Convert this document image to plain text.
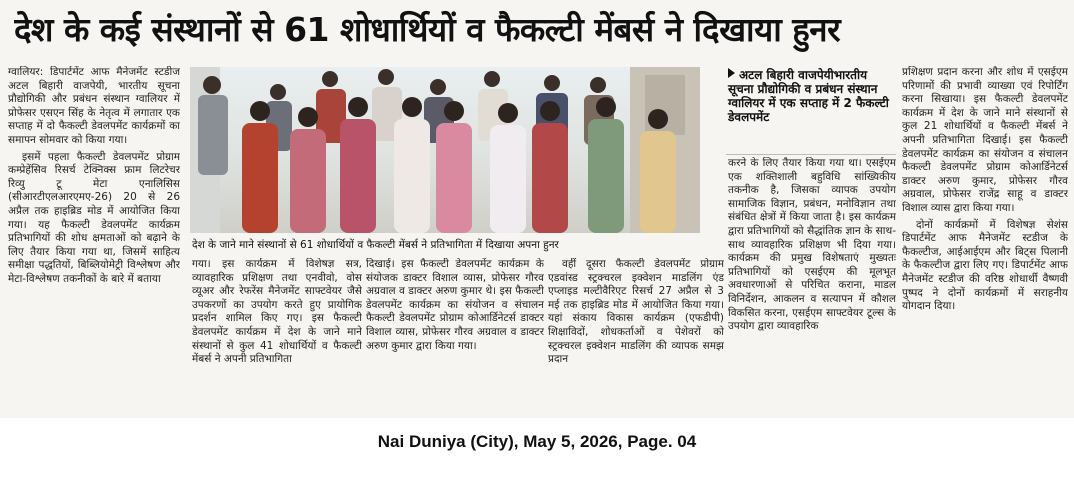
देश के कई संस्थानों से 61 शोधार्थियों व फैकल्टी मेंबर्स ने दिखाया हुनर

ग्वालियर: डिपार्टमेंट आफ मैनेजमेंट स्टडीज अटल बिहारी वाजपेयी, भारतीय सूचना प्रौद्योगिकी और प्रबंधन संस्थान ग्वालियर में प्रोफेसर एसएन सिंह के नेतृत्व में लगातार एक सप्ताह में दो फैकल्टी डेवलपमेंट कार्यक्रमों का समापन सोमवार को किया गया।

इसमें पहला फैकल्टी डेवलपमेंट प्रोग्राम कम्प्रेहेंसिव रिसर्च टेक्निक्स फ्राम लिटरेचर रिव्यु टू मेटा एनालिसिस (सीआरटीएलआरएमए-26) 20 से 26 अप्रैल तक हाइब्रिड मोड में आयोजित किया गया। यह फैकल्टी डेवलपमेंट कार्यक्रम प्रतिभागियों की शोध क्षमताओं को बढ़ाने के लिए तैयार किया गया था, जिसमें साहित्य समीक्षा पद्धतियों, बिब्लियोमेट्री विश्लेषण और मेटा-विश्लेषण तकनीकों के बारे में बताया

देश के जाने माने संस्थानों से 61 शोधार्थियों व फैकल्टी मेंबर्स ने प्रतिभागिता में दिखाया अपना हुनर

गया। इस कार्यक्रम में विशेषज्ञ सत्र, व्यावहारिक प्रशिक्षण तथा एनवीवो, वोस व्यूअर और रेफरेंस मैनेजमेंट साफ्टवेयर जैसे उपकरणों का उपयोग करते हुए प्रायोगिक प्रदर्शन शामिल किए गए। इस फैकल्टी डेवलपमेंट कार्यक्रम में देश के जाने माने संस्थानों से कुल 41 शोधार्थियों व फैकल्टी मेंबर्स ने अपनी प्रतिभागिता

दिखाई। इस फैकल्टी डेवलपमेंट कार्यक्रम के संयोजक डाक्टर विशाल व्यास, प्रोफेसर गौरव अग्रवाल व डाक्टर अरुण कुमार थे। इस फैकल्टी डेवलपमेंट कार्यक्रम का संयोजन व संचालन फैकल्टी डेवलपमेंट प्रोग्राम कोआर्डिनेटर्स डाक्टर विशाल व्यास, प्रोफेसर गौरव अग्रवाल व डाक्टर अरुण कुमार द्वारा किया गया।

वहीं दूसरा फैकल्टी डेवलपमेंट प्रोग्राम एडवांस्ड स्ट्रक्चरल इक्वेशन माडलिंग एंड एप्लाइड मल्टीवैरिएट रिसर्च 27 अप्रैल से 3 मई तक हाइब्रिड मोड में आयोजित किया गया। यहां संकाय विकास कार्यक्रम (एफडीपी) शिक्षाविदों, शोधकर्ताओं व पेशेवरों को स्ट्रक्चरल इक्वेशन माडलिंग की व्यापक समझ प्रदान

अटल बिहारी वाजपेयीभारतीय सूचना प्रौद्योगिकी व प्रबंधन संस्थान ग्वालियर में एक सप्ताह में 2 फैकल्टी डेवलपमेंट

करने के लिए तैयार किया गया था। एसईएम एक शक्तिशाली बहुविधि सांख्यिकीय तकनीक है, जिसका व्यापक उपयोग सामाजिक विज्ञान, प्रबंधन, मनोविज्ञान तथा संबंधित क्षेत्रों में किया जाता है। इस कार्यक्रम द्वारा प्रतिभागियों को सैद्धांतिक ज्ञान के साथ-साथ व्यावहारिक प्रशिक्षण भी दिया गया। कार्यक्रम की प्रमुख विशेषताएं मुख्यतः प्रतिभागियों को एसईएम की मूलभूत अवधारणाओं से परिचित कराना, माडल विनिर्देशन, आकलन व सत्यापन में कौशल विकसित करना, एसईएम साफ्टवेयर टूल्स के उपयोग द्वारा व्यावहारिक

प्रशिक्षण प्रदान करना और शोध में एसईएम परिणामों की प्रभावी व्याख्या एवं रिपोर्टिंग करना सिखाया। इस फैकल्टी डेवलपमेंट कार्यक्रम में देश के जाने माने संस्थानों से कुल 21 शोधार्थियों व फैकल्टी मेंबर्स ने अपनी प्रतिभागिता दिखाई। इस फैकल्टी डेवलपमेंट कार्यक्रम का संयोजन व संचालन फैकल्टी डेवलपमेंट प्रोग्राम कोआर्डिनेटर्स डाक्टर अरुण कुमार, प्रोफेसर गौरव अग्रवाल, प्रोफेसर राजेंद्र साहू व डाक्टर विशाल व्यास द्वारा किया गया।

दोनों कार्यक्रमों में विशेषज्ञ सेशंस डिपार्टमेंट आफ मैनेजमेंट स्टडीज के फैकल्टीज, आईआईएम और बिट्स पिलानी के फैकल्टीज द्वारा लिए गए। डिपार्टमेंट आफ मैनेजमेंट स्टडीज की वरिष्ठ शोधार्थी वैष्णवी पुष्पद ने दोनों कार्यक्रमों में सराहनीय योगदान दिया।

Nai Duniya (City), May 5, 2026, Page. 04
